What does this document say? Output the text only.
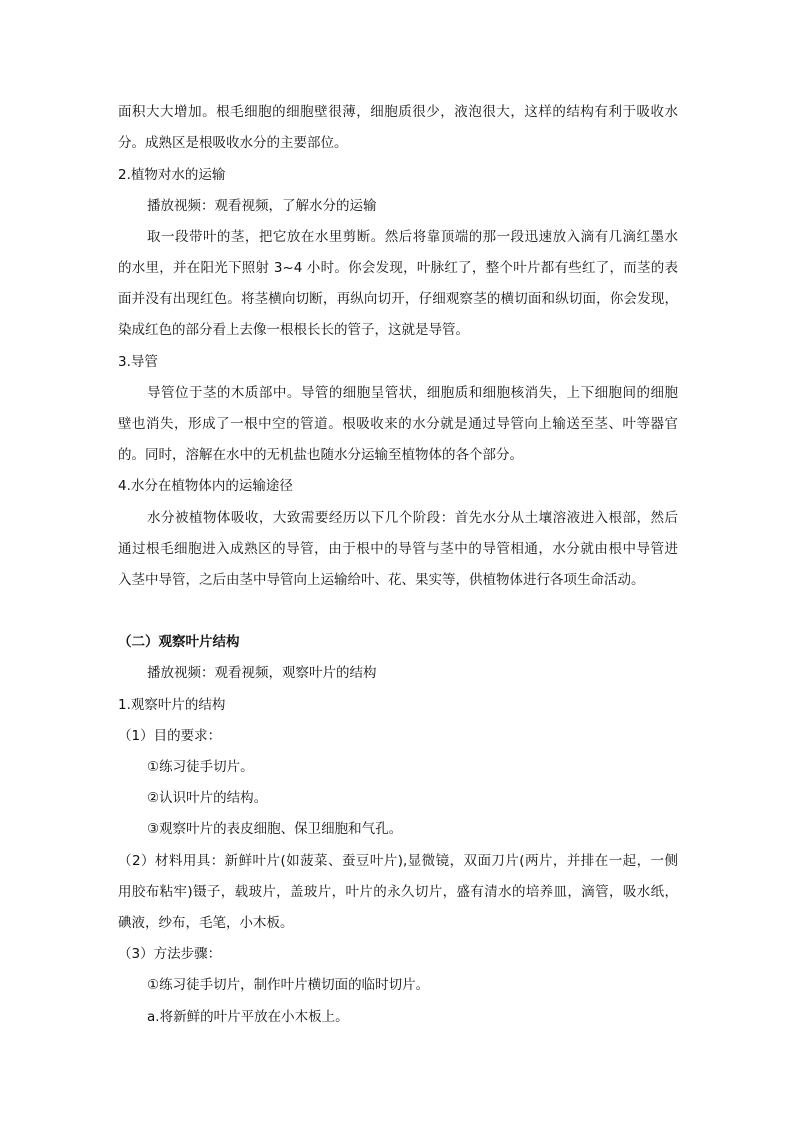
面积大大增加。根毛细胞的细胞壁很薄，细胞质很少，液泡很大，这样的结构有利于吸收水
分。成熟区是根吸收水分的主要部位。
2.植物对水的运输
播放视频：观看视频，了解水分的运输
取一段带叶的茎，把它放在水里剪断。然后将靠顶端的那一段迅速放入滴有几滴红墨水
的水里，并在阳光下照射 3~4 小时。你会发现，叶脉红了，整个叶片都有些红了，而茎的表
面并没有出现红色。将茎横向切断，再纵向切开，仔细观察茎的横切面和纵切面，你会发现，
染成红色的部分看上去像一根根长长的管子，这就是导管。
3.导管
导管位于茎的木质部中。导管的细胞呈管状，细胞质和细胞核消失，上下细胞间的细胞
壁也消失，形成了一根中空的管道。根吸收来的水分就是通过导管向上输送至茎、叶等器官
的。同时，溶解在水中的无机盐也随水分运输至植物体的各个部分。
4.水分在植物体内的运输途径
水分被植物体吸收，大致需要经历以下几个阶段：首先水分从土壤溶液进入根部，然后
通过根毛细胞进入成熟区的导管，由于根中的导管与茎中的导管相通，水分就由根中导管进
入茎中导管，之后由茎中导管向上运输给叶、花、果实等，供植物体进行各项生命活动。
（二）观察叶片结构
播放视频：观看视频，观察叶片的结构
1.观察叶片的结构
（1）目的要求：
①练习徒手切片。
②认识叶片的结构。
③观察叶片的表皮细胞、保卫细胞和气孔。
（2）材料用具：新鲜叶片(如菠菜、蚕豆叶片),显微镜，双面刀片(两片，并排在一起，一侧
用胶布粘牢)镊子，载玻片，盖玻片，叶片的永久切片，盛有清水的培养皿，滴管，吸水纸，
碘液，纱布，毛笔，小木板。
（3）方法步骤：
①练习徒手切片，制作叶片横切面的临时切片。
a.将新鲜的叶片平放在小木板上。
